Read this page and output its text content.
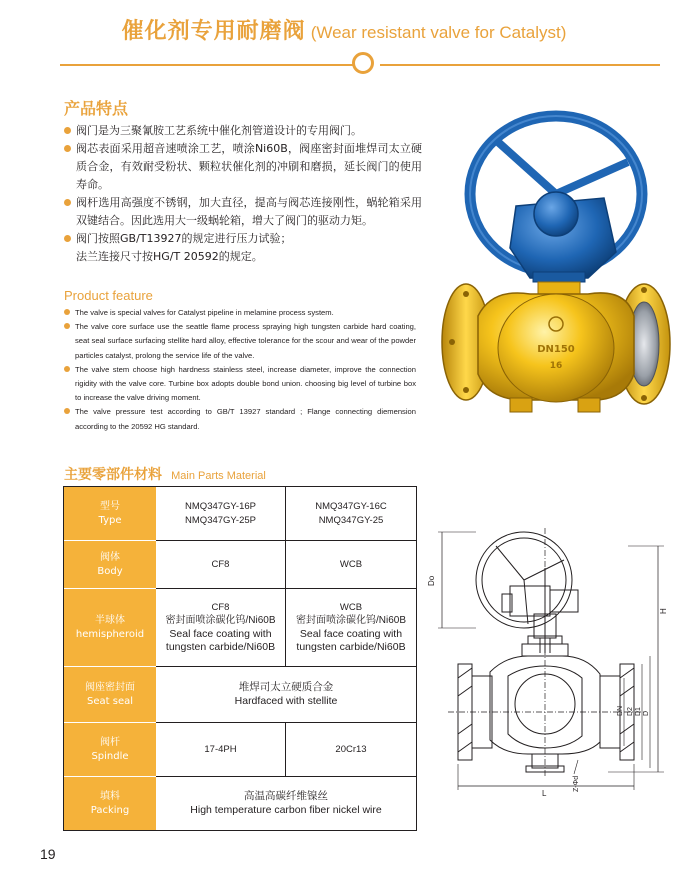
催化剂专用耐磨阀 (Wear resistant valve for Catalyst)
产品特点
阀门是为三聚氰胺工艺系统中催化剂管道设计的专用阀门。
阀芯表面采用超音速喷涂工艺，喷涂Ni60B，阀座密封面堆焊司太立硬质合金，有效耐受粉状、颗粒状催化剂的冲刷和磨损，延长阀门的使用寿命。
阀杆选用高强度不锈钢，加大直径，提高与阀芯连接刚性，蜗轮箱采用双键结合。因此选用大一级蜗轮箱，增大了阀门的驱动力矩。
阀门按照GB/T13927的规定进行压力试验；
法兰连接尺寸按HG/T 20592的规定。
Product feature
The valve is special valves for Catalyst pipeline in melamine process system.
The valve core surface use the seattle flame process spraying high tungsten carbide hard coating, seat seal surface surfacing stellite hard alloy, effective tolerance for the scour and wear of the powder particles catalyst, prolong the service life of the valve.
The valve stem choose high hardness stainless steel, increase diameter, improve the connection rigidity with the valve core. Turbine box adopts double bond union. choosing big level of turbine box to increase the valve driving moment.
The valve pressure test according to GB/T 13927 standard ; Flange connecting diemension according to the 20592 HG standard.
DN150
16
主要零部件材料 Main Parts Material
型号
Type
NMQ347GY-16P
NMQ347GY-25P
NMQ347GY-16C
NMQ347GY-25
阀体
Body
CF8	WCB
半球体
hemispheroid
CF8
密封面喷涂碳化钨/Ni60B
Seal face coating with
tungsten carbide/Ni60B
WCB
密封面喷涂碳化钨/Ni60B
Seal face coating with
tungsten carbide/Ni60B
阀座密封面
Seat seal
堆焊司太立硬质合金
Hardfaced with stellite
阀杆
Spindle
17-4PH	20Cr13
填料
Packing
高温高碳纤维镍丝
High temperature carbon fiber nickel wire
Do
H
DN D2 D1 D
L
Z-Φd
19
